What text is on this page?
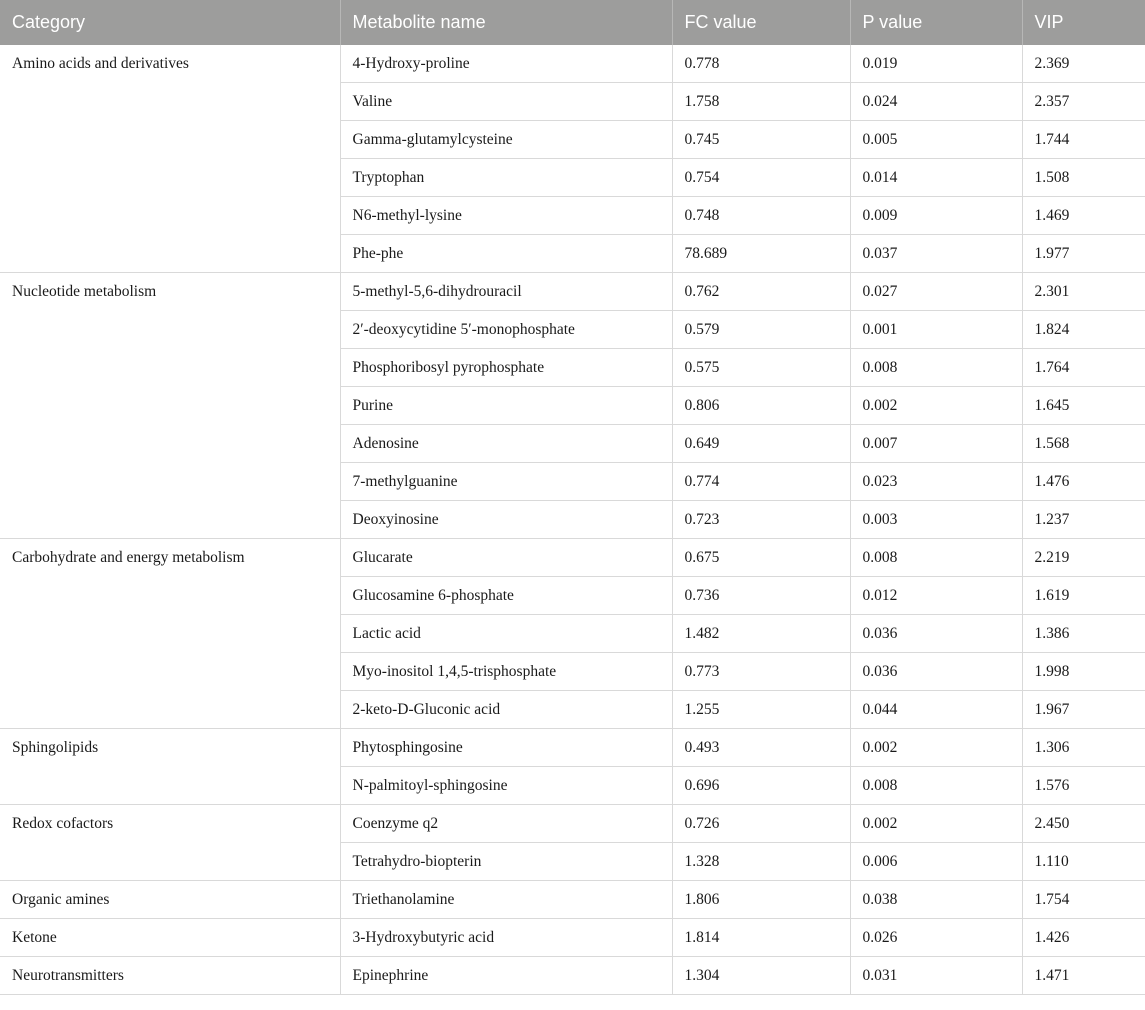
Category	Metabolite name	FC value	P value	VIP
Amino acids and derivatives	4-Hydroxy-proline	0.778	0.019	2.369
	Valine	1.758	0.024	2.357
	Gamma-glutamylcysteine	0.745	0.005	1.744
	Tryptophan	0.754	0.014	1.508
	N6-methyl-lysine	0.748	0.009	1.469
	Phe-phe	78.689	0.037	1.977
Nucleotide metabolism	5-methyl-5,6-dihydrouracil	0.762	0.027	2.301
	2′-deoxycytidine 5′-monophosphate	0.579	0.001	1.824
	Phosphoribosyl pyrophosphate	0.575	0.008	1.764
	Purine	0.806	0.002	1.645
	Adenosine	0.649	0.007	1.568
	7-methylguanine	0.774	0.023	1.476
	Deoxyinosine	0.723	0.003	1.237
Carbohydrate and energy metabolism	Glucarate	0.675	0.008	2.219
	Glucosamine 6-phosphate	0.736	0.012	1.619
	Lactic acid	1.482	0.036	1.386
	Myo-inositol 1,4,5-trisphosphate	0.773	0.036	1.998
	2-keto-D-Gluconic acid	1.255	0.044	1.967
Sphingolipids	Phytosphingosine	0.493	0.002	1.306
	N-palmitoyl-sphingosine	0.696	0.008	1.576
Redox cofactors	Coenzyme q2	0.726	0.002	2.450
	Tetrahydro-biopterin	1.328	0.006	1.110
Organic amines	Triethanolamine	1.806	0.038	1.754
Ketone	3-Hydroxybutyric acid	1.814	0.026	1.426
Neurotransmitters	Epinephrine	1.304	0.031	1.471
